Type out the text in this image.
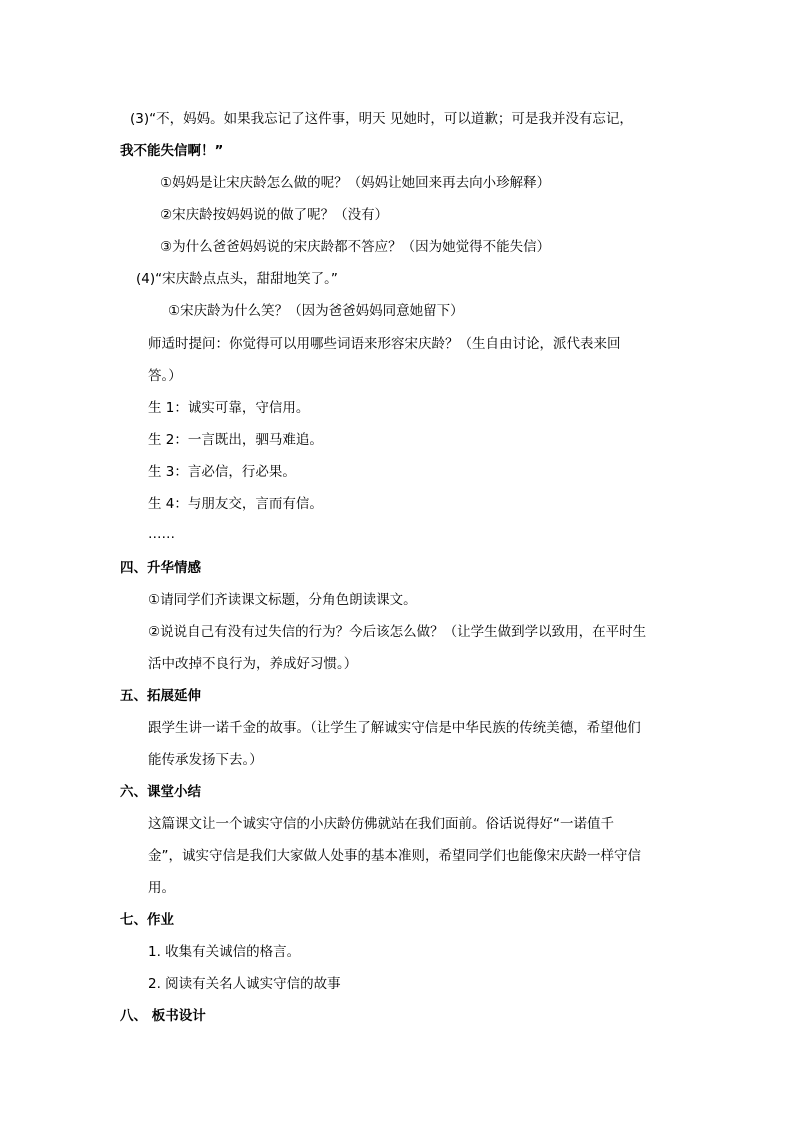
(3)“不，妈妈。如果我忘记了这件事，明天 见她时，可以道歉；可是我并没有忘记，
我不能失信啊！”
①妈妈是让宋庆龄怎么做的呢？（妈妈让她回来再去向小珍解释）
②宋庆龄按妈妈说的做了呢？（没有）
③为什么爸爸妈妈说的宋庆龄都不答应？（因为她觉得不能失信）
(4)“宋庆龄点点头，甜甜地笑了。”
①宋庆龄为什么笑？（因为爸爸妈妈同意她留下）
师适时提问：你觉得可以用哪些词语来形容宋庆龄？（生自由讨论，派代表来回
答。）
生 1：诚实可靠，守信用。
生 2：一言既出，驷马难追。
生 3：言必信，行必果。
生 4：与朋友交，言而有信。
……
四、升华情感
①请同学们齐读课文标题，分角色朗读课文。
②说说自己有没有过失信的行为？今后该怎么做？（让学生做到学以致用，在平时生
活中改掉不良行为，养成好习惯。）
五、拓展延伸
跟学生讲一诺千金的故事。（让学生了解诚实守信是中华民族的传统美德，希望他们
能传承发扬下去。）
六、课堂小结
这篇课文让一个诚实守信的小庆龄仿佛就站在我们面前。俗话说得好“一诺值千
金”，诚实守信是我们大家做人处事的基本准则，希望同学们也能像宋庆龄一样守信
用。
七、作业
1. 收集有关诚信的格言。
2. 阅读有关名人诚实守信的故事
八、 板书设计
